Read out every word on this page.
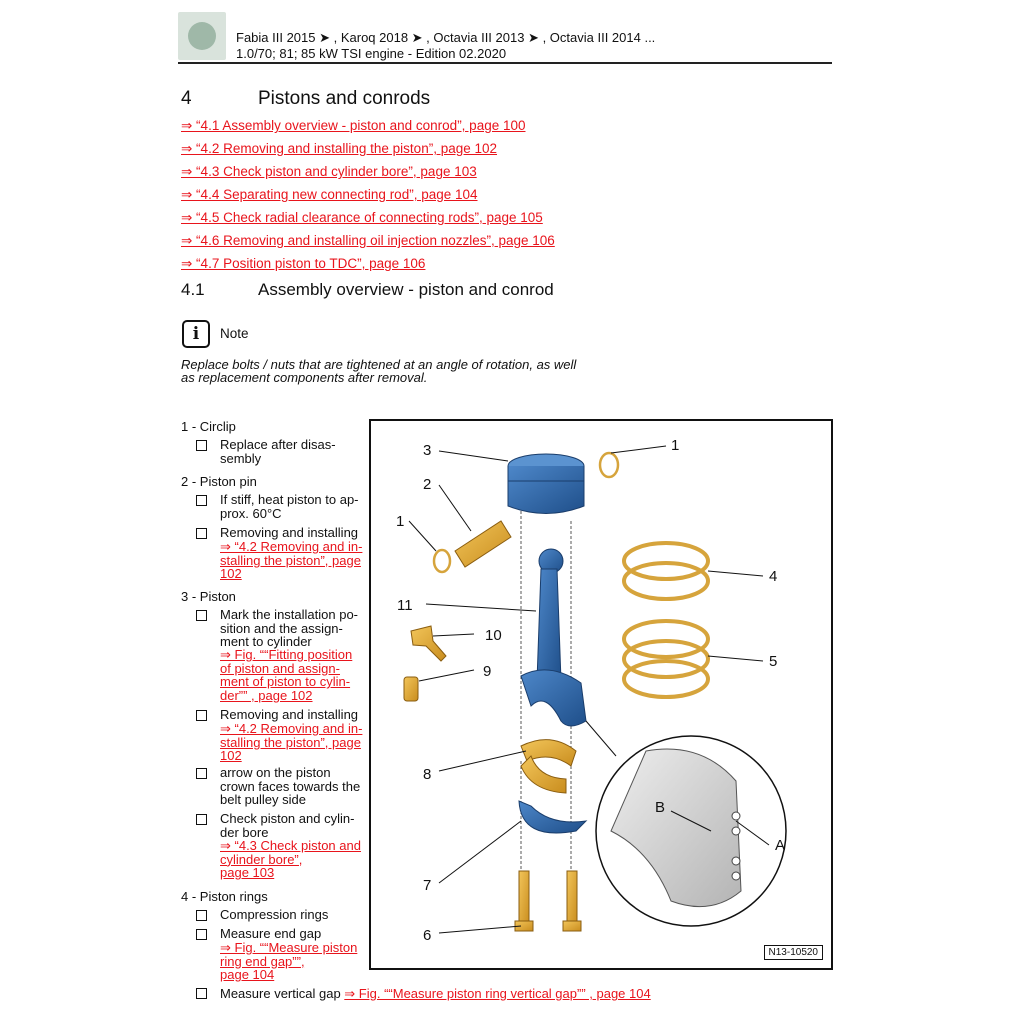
Fabia III 2015 ➤ , Karoq 2018 ➤ , Octavia III 2013 ➤ , Octavia III 2014 ...
1.0/70; 81; 85 kW TSI engine - Edition 02.2020
4	Pistons and conrods
⇒ “4.1 Assembly overview - piston and conrod”, page 100
⇒ “4.2 Removing and installing the piston”, page 102
⇒ “4.3 Check piston and cylinder bore”, page 103
⇒ “4.4 Separating new connecting rod”, page 104
⇒ “4.5 Check radial clearance of connecting rods”, page 105
⇒ “4.6 Removing and installing oil injection nozzles”, page 106
⇒ “4.7 Position piston to TDC”, page 106
4.1	Assembly overview - piston and conrod
i	Note
Replace bolts / nuts that are tightened at an angle of rotation, as well as replacement components after removal.
1 - Circlip
Replace after disas-
sembly
2 - Piston pin
If stiff, heat piston to ap-
prox. 60°C
Removing and installing
⇒ “4.2 Removing and in-
stalling the piston”, page
102
3 - Piston
Mark the installation po-
sition and the assign-
ment to cylinder
⇒ Fig. ““Fitting position
of piston and assign-
ment of piston to cylin-
der”” , page 102
Removing and installing
⇒ “4.2 Removing and in-
stalling the piston”, page
102
arrow on the piston
crown faces towards the
belt pulley side
Check piston and cylin-
der bore
⇒ “4.3 Check piston and
cylinder bore”,
page 103
4 - Piston rings
Compression rings
Measure end gap
⇒ Fig. ““Measure piston
ring end gap””,
page 104
Measure vertical gap ⇒ Fig. ““Measure piston ring vertical gap”” , page 104
1
1
2
3
4
5
6
7
8
9
10
11
A
B
N13-10520
